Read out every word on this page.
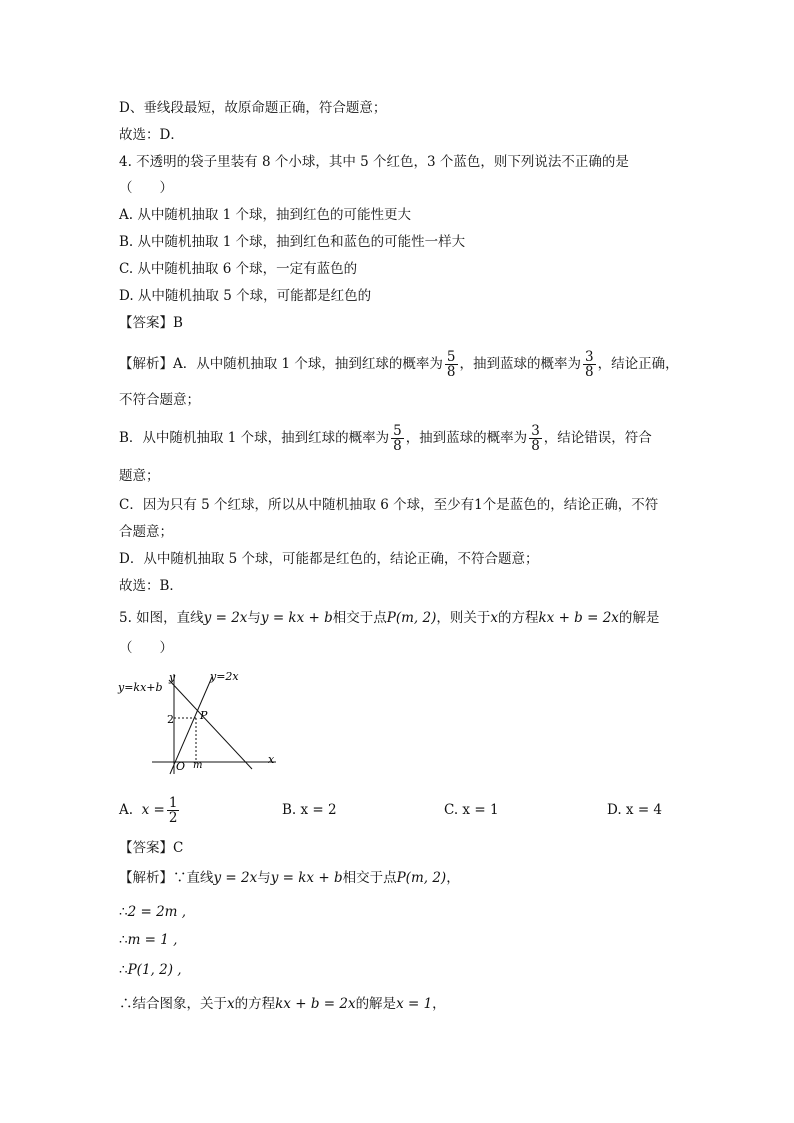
D、垂线段最短，故原命题正确，符合题意；
故选：D．
4. 不透明的袋子里装有 8 个小球，其中 5 个红色，3 个蓝色，则下列说法不正确的是
（　　）
A. 从中随机抽取 1 个球，抽到红色的可能性更大
B. 从中随机抽取 1 个球，抽到红色和蓝色的可能性一样大
C. 从中随机抽取 6 个球，一定有蓝色的
D. 从中随机抽取 5 个球，可能都是红色的
【答案】B
【解析】A．从中随机抽取 1 个球，抽到红球的概率为 $\frac{5}{8}$ ，抽到蓝球的概率为 $\frac{3}{8}$ ，结论正确，
不符合题意；
B．从中随机抽取 1 个球，抽到红球的概率为 $\frac{5}{8}$ ，抽到蓝球的概率为 $\frac{3}{8}$ ，结论错误，符合
题意；
C．因为只有 5 个红球，所以从中随机抽取 6 个球，至少有1个是蓝色的，结论正确，不符
合题意；
D．从中随机抽取 5 个球，可能都是红色的，结论正确，不符合题意；
故选：B．
5. 如图，直线y = 2x与y = kx + b相交于点P(m, 2)，则关于x的方程kx + b = 2x的解是
（　　）
y
x
O
y=2x
y=kx+b
P
2
m
A. $x = \frac{1}{2}$	B. x = 2	C. x = 1	D. x = 4
【答案】C
【解析】∵直线y = 2x与y = kx + b相交于点P(m, 2)，
∴2 = 2m ,
∴m = 1 ,
∴P(1, 2) ,
∴结合图象，关于x的方程kx + b = 2x的解是x = 1，
